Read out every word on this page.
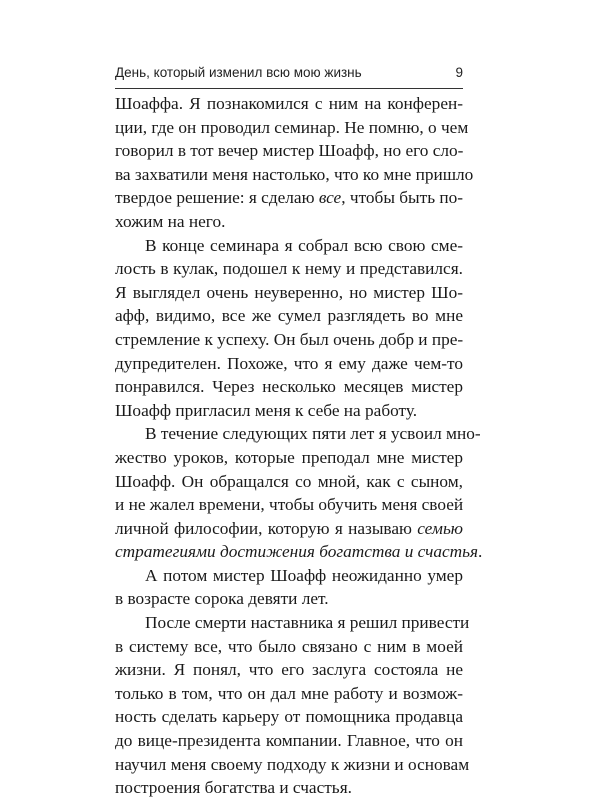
День, который изменил всю мою жизнь	9
Шоаффа. Я познакомился с ним на конферен-
ции, где он проводил семинар. Не помню, о чем
говорил в тот вечер мистер Шоафф, но его сло-
ва захватили меня настолько, что ко мне пришло
твердое решение: я сделаю все, чтобы быть по-
хожим на него.
В конце семинара я собрал всю свою сме-
лость в кулак, подошел к нему и представился.
Я выглядел очень неуверенно, но мистер Шо-
афф, видимо, все же сумел разглядеть во мне
стремление к успеху. Он был очень добр и пре-
дупредителен. Похоже, что я ему даже чем-то
понравился. Через несколько месяцев мистер
Шоафф пригласил меня к себе на работу.
В течение следующих пяти лет я усвоил мно-
жество уроков, которые преподал мне мистер
Шоафф. Он обращался со мной, как с сыном,
и не жалел времени, чтобы обучить меня своей
личной философии, которую я называю семью
стратегиями достижения богатства и счастья.
А потом мистер Шоафф неожиданно умер
в возрасте сорока девяти лет.
После смерти наставника я решил привести
в систему все, что было связано с ним в моей
жизни. Я понял, что его заслуга состояла не
только в том, что он дал мне работу и возмож-
ность сделать карьеру от помощника продавца
до вице-президента компании. Главное, что он
научил меня своему подходу к жизни и основам
построения богатства и счастья.
